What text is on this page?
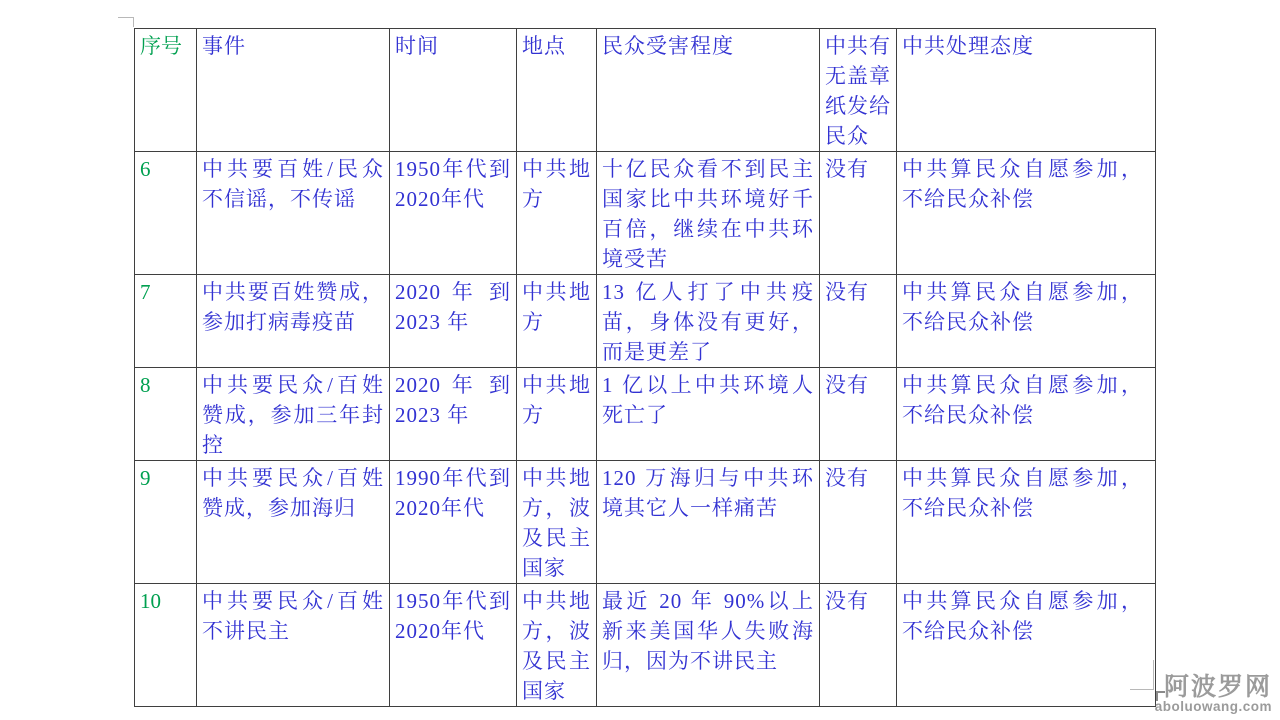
序号	事件	时间	地点	民众受害程度	中共有无盖章纸发给民众	中共处理态度
6	中共要百姓/民众不信谣，不传谣	1950年代到2020年代	中共地方	十亿民众看不到民主国家比中共环境好千百倍，继续在中共环境受苦	没有	中共算民众自愿参加，不给民众补偿
7	中共要百姓赞成，参加打病毒疫苗	2020 年 到 2023 年	中共地方	13 亿人打了中共疫苗，身体没有更好，而是更差了	没有	中共算民众自愿参加，不给民众补偿
8	中共要民众/百姓赞成，参加三年封控	2020 年 到 2023 年	中共地方	1 亿以上中共环境人死亡了	没有	中共算民众自愿参加，不给民众补偿
9	中共要民众/百姓赞成，参加海归	1990年代到2020年代	中共地方，波及民主国家	120 万海归与中共环境其它人一样痛苦	没有	中共算民众自愿参加，不给民众补偿
10	中共要民众/百姓不讲民主	1950年代到2020年代	中共地方，波及民主国家	最近 20 年 90%以上新来美国华人失败海归，因为不讲民主	没有	中共算民众自愿参加，不给民众补偿
阿波罗网
aboluowang.com
